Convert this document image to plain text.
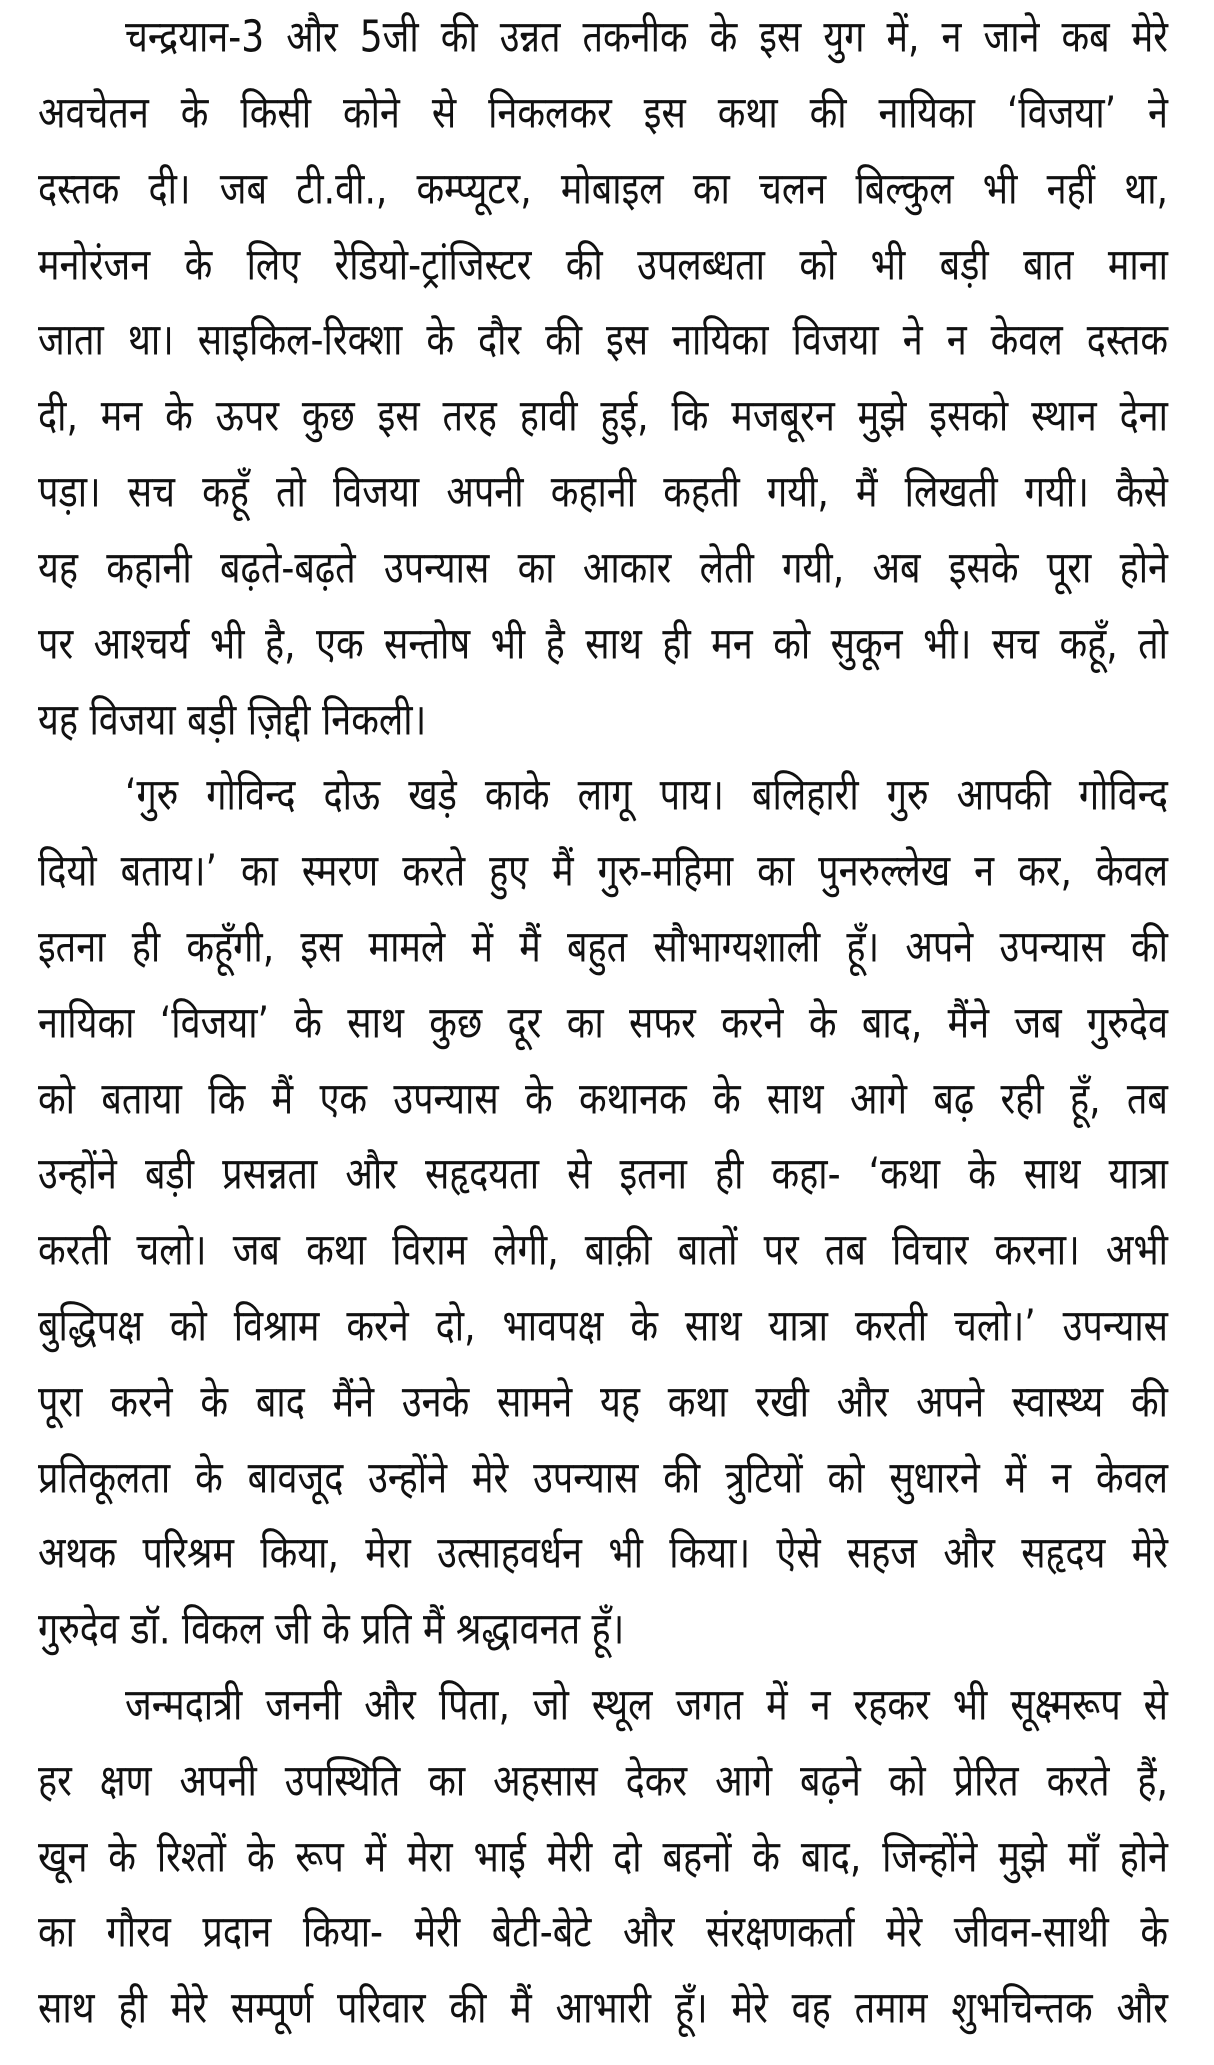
चन्द्रयान-3 और 5जी की उन्नत तकनीक के इस युग में, न जाने कब मेरे
अवचेतन के किसी कोने से निकलकर इस कथा की नायिका ‘विजया’ ने
दस्तक दी। जब टी.वी., कम्प्यूटर, मोबाइल का चलन बिल्कुल भी नहीं था,
मनोरंजन के लिए रेडियो-ट्रांजिस्टर की उपलब्धता को भी बड़ी बात माना
जाता था। साइकिल-रिक्शा के दौर की इस नायिका विजया ने न केवल दस्तक
दी, मन के ऊपर कुछ इस तरह हावी हुई, कि मजबूरन मुझे इसको स्थान देना
पड़ा। सच कहूँ तो विजया अपनी कहानी कहती गयी, मैं लिखती गयी। कैसे
यह कहानी बढ़ते-बढ़ते उपन्यास का आकार लेती गयी, अब इसके पूरा होने
पर आश्चर्य भी है, एक सन्तोष भी है साथ ही मन को सुकून भी। सच कहूँ, तो
यह विजया बड़ी ज़िद्दी निकली।
‘गुरु गोविन्द दोऊ खड़े काके लागू पाय। बलिहारी गुरु आपकी गोविन्द
दियो बताय।’ का स्मरण करते हुए मैं गुरु-महिमा का पुनरुल्लेख न कर, केवल
इतना ही कहूँगी, इस मामले में मैं बहुत सौभाग्यशाली हूँ। अपने उपन्यास की
नायिका ‘विजया’ के साथ कुछ दूर का सफर करने के बाद, मैंने जब गुरुदेव
को बताया कि मैं एक उपन्यास के कथानक के साथ आगे बढ़ रही हूँ, तब
उन्होंने बड़ी प्रसन्नता और सहृदयता से इतना ही कहा- ‘कथा के साथ यात्रा
करती चलो। जब कथा विराम लेगी, बाक़ी बातों पर तब विचार करना। अभी
बुद्धिपक्ष को विश्राम करने दो, भावपक्ष के साथ यात्रा करती चलो।’ उपन्यास
पूरा करने के बाद मैंने उनके सामने यह कथा रखी और अपने स्वास्थ्य की
प्रतिकूलता के बावजूद उन्होंने मेरे उपन्यास की त्रुटियों को सुधारने में न केवल
अथक परिश्रम किया, मेरा उत्साहवर्धन भी किया। ऐसे सहज और सहृदय मेरे
गुरुदेव डॉ. विकल जी के प्रति मैं श्रद्धावनत हूँ।
जन्मदात्री जननी और पिता, जो स्थूल जगत में न रहकर भी सूक्ष्मरूप से
हर क्षण अपनी उपस्थिति का अहसास देकर आगे बढ़ने को प्रेरित करते हैं,
खून के रिश्तों के रूप में मेरा भाई मेरी दो बहनों के बाद, जिन्होंने मुझे माँ होने
का गौरव प्रदान किया- मेरी बेटी-बेटे और संरक्षणकर्ता मेरे जीवन-साथी के
साथ ही मेरे सम्पूर्ण परिवार की मैं आभारी हूँ। मेरे वह तमाम शुभचिन्तक और
